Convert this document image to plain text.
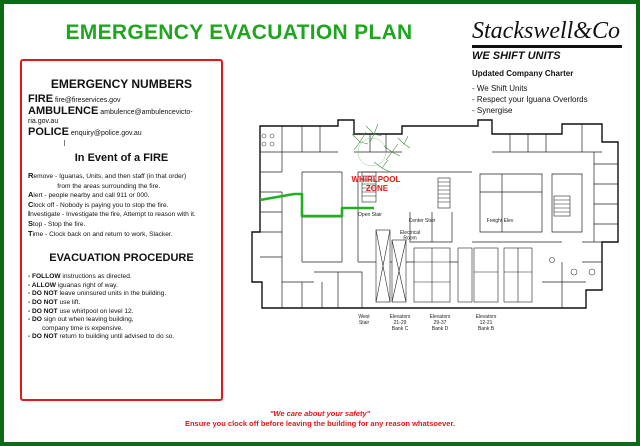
EMERGENCY EVACUATION PLAN	Stackswell&Co
WE SHIFT UNITS
Updated Company Charter
- We Shift Units
- Respect your Iguana Overlords
- Synergise
EMERGENCY NUMBERS
FIRE fire@fireservices.gov
AMBULENCE ambulence@ambulencevicto-ria.gov.au
POLICE enquiry@police.gov.au
In Event of a FIRE
Remove - Iguanas, Units, and then staff (in that order)
from the areas surrounding the fire.
Alert - people nearby and call 911 or 000.
Clock off - Nobody is paying you to stop the fire.
Investigate - Investigate the fire, Attempt to reason with it.
Stop - Stop the fire.
Time - Clock back on and return to work, Slacker.
EVACUATION PROCEDURE
- FOLLOW instructions as directed.
- ALLOW iguanas right of way.
- DO NOT leave uninsured units in the building.
- DO NOT use lift.
- DO NOT use whirlpool on level 12.
- DO sign out when leaving building,
company time is expensive.
- DO NOT return to building until advised to do so.
WHIRLPOOL ZONE
Open Stair
Center Stair	Freight Elev
Electrical Room
West Stair
Elevators 21-29 Bank C
Elevators 29-37 Bank D
Elevators 12-21 Bank B
"We care about your safety"
Ensure you clock off before leaving the building for any reason whatsoever.
